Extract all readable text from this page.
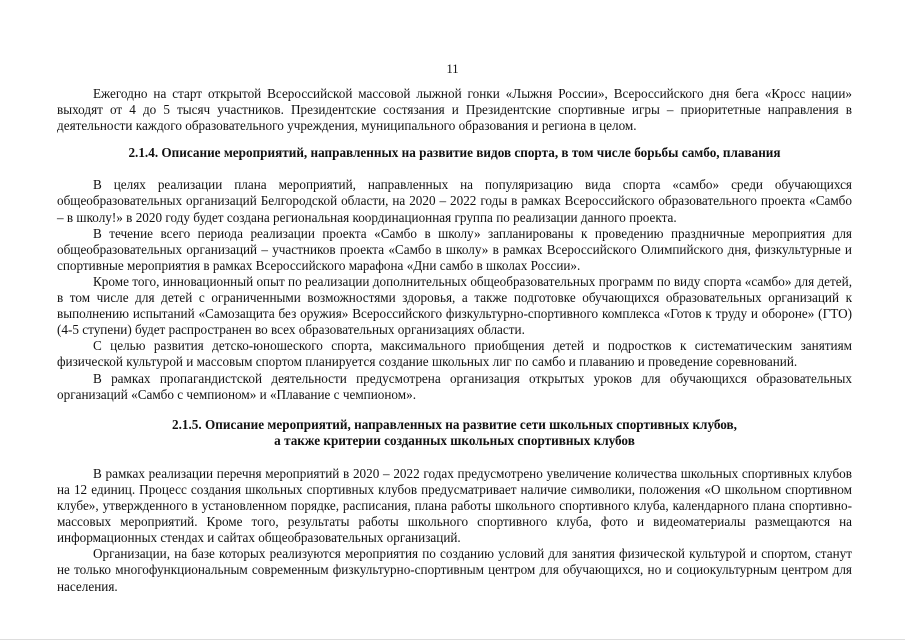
11

Ежегодно на старт открытой Всероссийской массовой лыжной гонки «Лыжня России», Всероссийского дня бега «Кросс нации» выходят от 4 до 5 тысяч участников. Президентские состязания и Президентские спортивные игры – приоритетные направления в деятельности каждого образовательного учреждения, муниципального образования и региона в целом.

2.1.4. Описание мероприятий, направленных на развитие видов спорта, в том числе борьбы самбо, плавания

В целях реализации плана мероприятий, направленных на популяризацию вида спорта «самбо» среди обучающихся общеобразовательных организаций Белгородской области, на 2020 – 2022 годы в рамках Всероссийского образовательного проекта «Самбо – в школу!» в 2020 году будет создана региональная координационная группа по реализации данного проекта.

В течение всего периода реализации проекта «Самбо в школу» запланированы к проведению праздничные мероприятия для общеобразовательных организаций – участников проекта «Самбо в школу» в рамках Всероссийского Олимпийского дня, физкультурные и спортивные мероприятия в рамках Всероссийского марафона «Дни самбо в школах России».

Кроме того, инновационный опыт по реализации дополнительных общеобразовательных программ по виду спорта «самбо» для детей, в том числе для детей с ограниченными возможностями здоровья, а также подготовке обучающихся образовательных организаций к выполнению испытаний «Самозащита без оружия» Всероссийского физкультурно-спортивного комплекса «Готов к труду и обороне» (ГТО) (4-5 ступени) будет распространен во всех образовательных организациях области.

С целью развития детско-юношеского спорта, максимального приобщения детей и подростков к систематическим занятиям физической культурой и массовым спортом планируется создание школьных лиг по самбо и плаванию и проведение соревнований.

В рамках пропагандистской деятельности предусмотрена организация открытых уроков для обучающихся образовательных организаций «Самбо с чемпионом» и «Плавание с чемпионом».

2.1.5. Описание мероприятий, направленных на развитие сети школьных спортивных клубов,
а также критерии созданных школьных спортивных клубов

В рамках реализации перечня мероприятий в 2020 – 2022 годах предусмотрено увеличение количества школьных спортивных клубов на 12 единиц. Процесс создания школьных спортивных клубов предусматривает наличие символики, положения «О школьном спортивном клубе», утвержденного в установленном порядке, расписания, плана работы школьного спортивного клуба, календарного плана спортивно-массовых мероприятий. Кроме того, результаты работы школьного спортивного клуба, фото и видеоматериалы размещаются на информационных стендах и сайтах общеобразовательных организаций.

Организации, на базе которых реализуются мероприятия по созданию условий для занятия физической культурой и спортом, станут не только многофункциональным современным физкультурно-спортивным центром для обучающихся, но и социокультурным центром для населения.
